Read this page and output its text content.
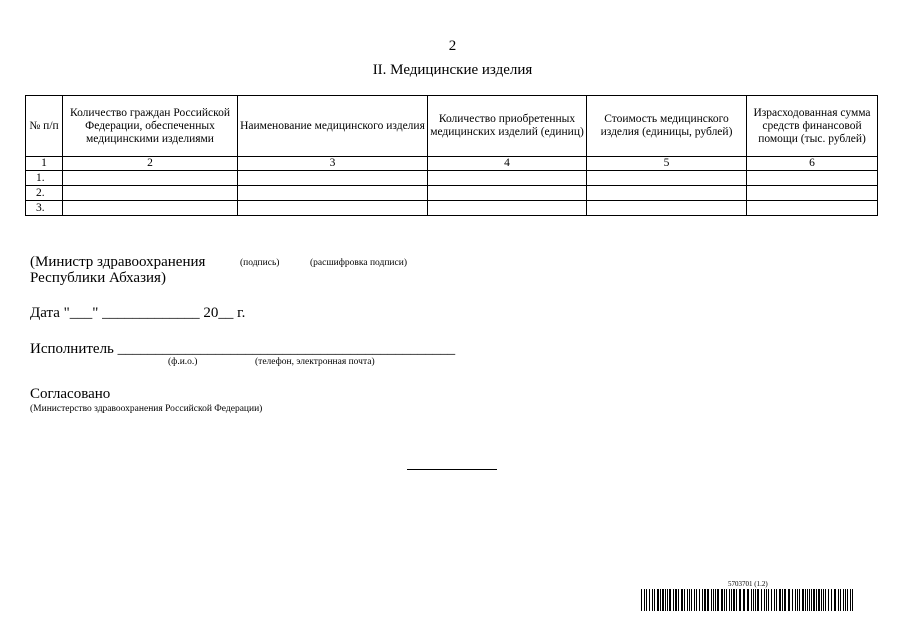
2
II. Медицинские изделия
№ п/п	Количество граждан Российской Федерации, обеспеченных медицинскими изделиями	Наименование медицинского изделия	Количество приобретенных медицинских изделий (единиц)	Стоимость медицинского изделия (единицы, рублей)	Израсходованная сумма средств финансовой помощи (тыс. рублей)
1	2	3	4	5	6
1.					
2.					
3.					
(Министр здравоохранения
Республики Абхазия)
(подпись)	(расшифровка подписи)
Дата "___" _____________ 20__ г.
Исполнитель _____________________________________________
(ф.и.о.)	(телефон, электронная почта)
Согласовано
(Министерство здравоохранения Российской Федерации)
5703701 (1.2)
